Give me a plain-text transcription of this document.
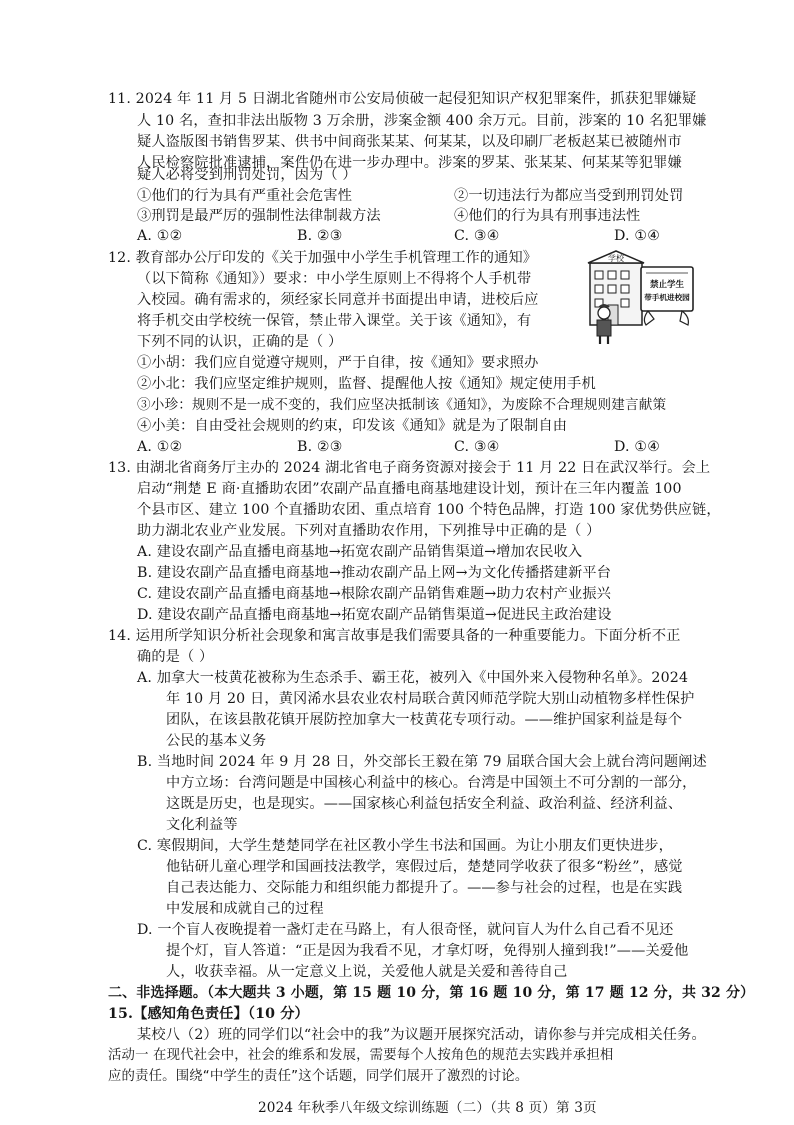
11. 2024 年 11 月 5 日湖北省随州市公安局侦破一起侵犯知识产权犯罪案件，抓获犯罪嫌疑
人 10 名，查扣非法出版物 3 万余册，涉案金额 400 余万元。目前，涉案的 10 名犯罪嫌
疑人盗版图书销售罗某、供书中间商张某某、何某某，以及印刷厂老板赵某已被随州市
人民检察院批准逮捕，案件仍在进一步办理中。涉案的罗某、张某某、何某某等犯罪嫌
疑人必将受到刑罚处罚，因为（ ）
①他们的行为具有严重社会危害性	②一切违法行为都应当受到刑罚处罚
③刑罚是最严厉的强制性法律制裁方法	④他们的行为具有刑事违法性
A. ①②	B. ②③	C. ③④	D. ①④
12. 教育部办公厅印发的《关于加强中小学生手机管理工作的通知》
（以下简称《通知》）要求：中小学生原则上不得将个人手机带
入校园。确有需求的，须经家长同意并书面提出申请，进校后应
将手机交由学校统一保管，禁止带入课堂。关于该《通知》，有
下列不同的认识，正确的是（ ）
①小胡：我们应自觉遵守规则，严于自律，按《通知》要求照办
②小北：我们应坚定维护规则，监督、提醒他人按《通知》规定使用手机
③小珍：规则不是一成不变的，我们应坚决抵制该《通知》，为废除不合理规则建言献策
④小美：自由受社会规则的约束，印发该《通知》就是为了限制自由
A. ①②	B. ②③	C. ③④	D. ①④
学校
禁止学生
带手机进校园
13. 由湖北省商务厅主办的 2024 湖北省电子商务资源对接会于 11 月 22 日在武汉举行。会上
启动“荆楚 E 商·直播助农团”农副产品直播电商基地建设计划，预计在三年内覆盖 100
个县市区、建立 100 个直播助农团、重点培育 100 个特色品牌，打造 100 家优势供应链，
助力湖北农业产业发展。下列对直播助农作用，下列推导中正确的是（ ）
A. 建设农副产品直播电商基地→拓宽农副产品销售渠道→增加农民收入
B. 建设农副产品直播电商基地→推动农副产品上网→为文化传播搭建新平台
C. 建设农副产品直播电商基地→根除农副产品销售难题→助力农村产业振兴
D. 建设农副产品直播电商基地→拓宽农副产品销售渠道→促进民主政治建设
14. 运用所学知识分析社会现象和寓言故事是我们需要具备的一种重要能力。下面分析不正
确的是（ ）
A. 加拿大一枝黄花被称为生态杀手、霸王花，被列入《中国外来入侵物种名单》。2024
年 10 月 20 日，黄冈浠水县农业农村局联合黄冈师范学院大别山动植物多样性保护
团队，在该县散花镇开展防控加拿大一枝黄花专项行动。——维护国家利益是每个
公民的基本义务
B. 当地时间 2024 年 9 月 28 日，外交部长王毅在第 79 届联合国大会上就台湾问题阐述
中方立场：台湾问题是中国核心利益中的核心。台湾是中国领土不可分割的一部分，
这既是历史，也是现实。——国家核心利益包括安全利益、政治利益、经济利益、
文化利益等
C. 寒假期间，大学生楚楚同学在社区教小学生书法和国画。为让小朋友们更快进步，
他钻研儿童心理学和国画技法教学，寒假过后，楚楚同学收获了很多“粉丝”，感觉
自己表达能力、交际能力和组织能力都提升了。——参与社会的过程，也是在实践
中发展和成就自己的过程
D. 一个盲人夜晚提着一盏灯走在马路上，有人很奇怪，就问盲人为什么自己看不见还
提个灯，盲人答道：“正是因为我看不见，才拿灯呀，免得别人撞到我!”——关爱他
人，收获幸福。从一定意义上说，关爱他人就是关爱和善待自己
二、非选择题。（本大题共 3 小题，第 15 题 10 分，第 16 题 10 分，第 17 题 12 分，共 32 分）
15.【感知角色责任】（10 分）
某校八（2）班的同学们以“社会中的我”为议题开展探究活动，请你参与并完成相关任务。
活动一 在现代社会中，社会的维系和发展，需要每个人按角色的规范去实践并承担相
应的责任。围绕“中学生的责任”这个话题，同学们展开了激烈的讨论。
2024 年秋季八年级文综训练题（二）（共 8 页）第 3页
